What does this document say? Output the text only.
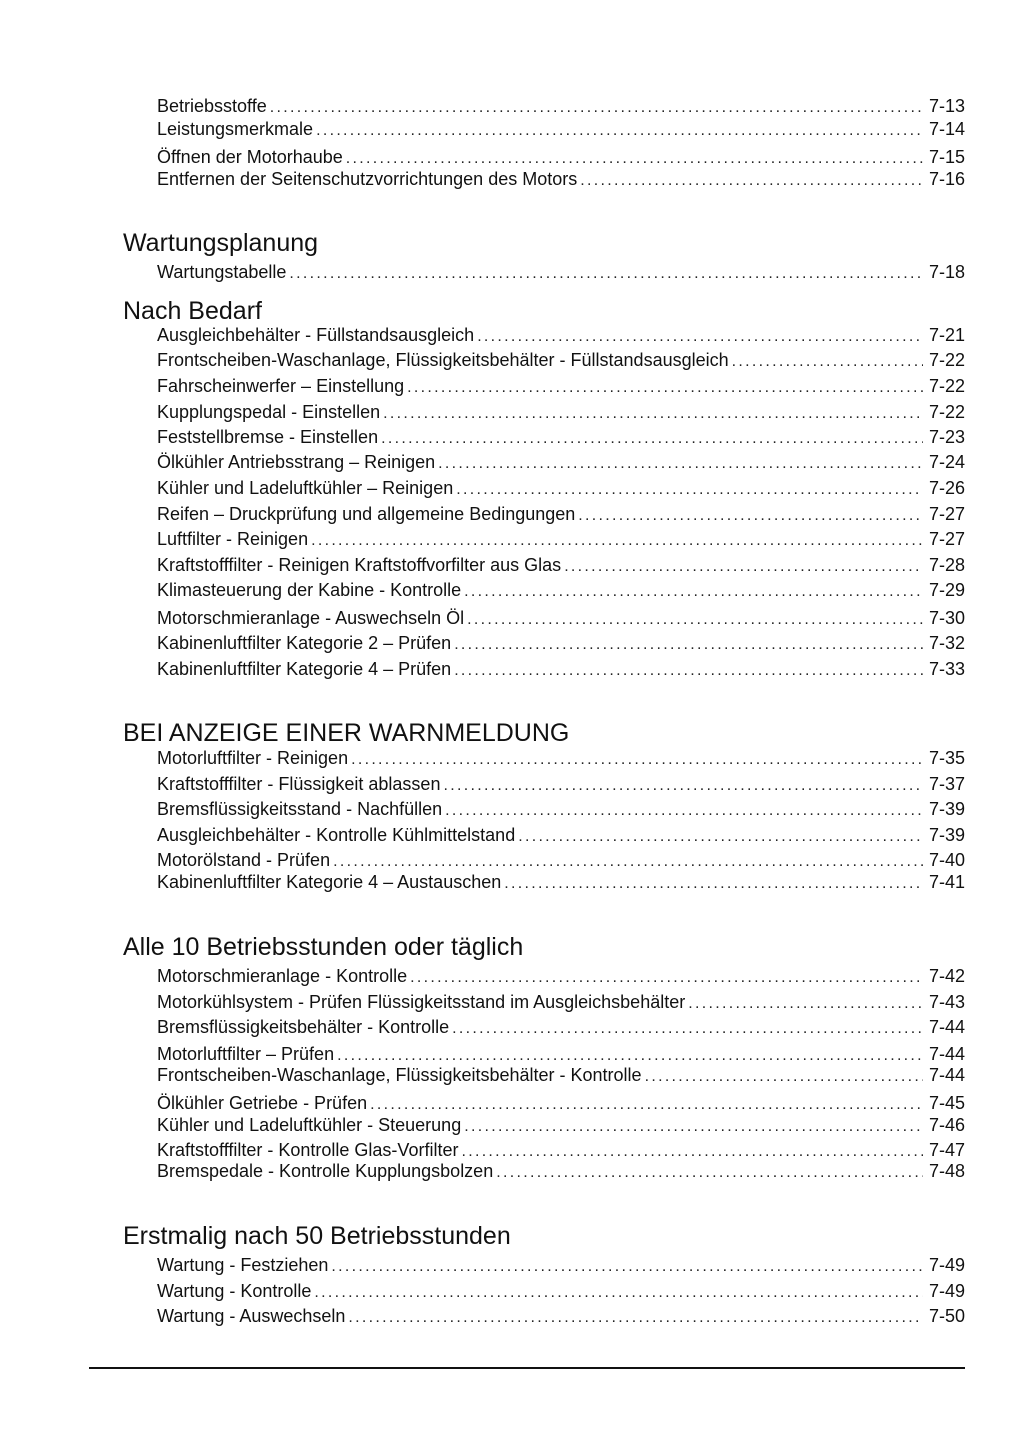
Betriebsstoffe .....	7-13
Leistungsmerkmale .....	7-14
Öffnen der Motorhaube .....	7-15
Entfernen der Seitenschutzvorrichtungen des Motors .....	7-16
Wartungsplanung
Wartungstabelle .....	7-18
Nach Bedarf
Ausgleichbehälter - Füllstandsausgleich .....	7-21
Frontscheiben-Waschanlage, Flüssigkeitsbehälter - Füllstandsausgleich .....	7-22
Fahrscheinwerfer – Einstellung .....	7-22
Kupplungspedal - Einstellen .....	7-22
Feststellbremse - Einstellen .....	7-23
Ölkühler Antriebsstrang – Reinigen .....	7-24
Kühler und Ladeluftkühler – Reinigen .....	7-26
Reifen – Druckprüfung und allgemeine Bedingungen .....	7-27
Luftfilter - Reinigen .....	7-27
Kraftstofffilter - Reinigen Kraftstoffvorfilter aus Glas .....	7-28
Klimasteuerung der Kabine - Kontrolle .....	7-29
Motorschmieranlage - Auswechseln Öl .....	7-30
Kabinenluftfilter Kategorie 2 – Prüfen .....	7-32
Kabinenluftfilter Kategorie 4 – Prüfen .....	7-33
BEI ANZEIGE EINER WARNMELDUNG
Motorluftfilter - Reinigen .....	7-35
Kraftstofffilter - Flüssigkeit ablassen .....	7-37
Bremsflüssigkeitsstand - Nachfüllen .....	7-39
Ausgleichbehälter - Kontrolle Kühlmittelstand .....	7-39
Motorölstand - Prüfen .....	7-40
Kabinenluftfilter Kategorie 4 – Austauschen .....	7-41
Alle 10 Betriebsstunden oder täglich
Motorschmieranlage - Kontrolle .....	7-42
Motorkühlsystem - Prüfen Flüssigkeitsstand im Ausgleichsbehälter .....	7-43
Bremsflüssigkeitsbehälter - Kontrolle .....	7-44
Motorluftfilter – Prüfen .....	7-44
Frontscheiben-Waschanlage, Flüssigkeitsbehälter - Kontrolle .....	7-44
Ölkühler Getriebe - Prüfen .....	7-45
Kühler und Ladeluftkühler - Steuerung .....	7-46
Kraftstofffilter - Kontrolle Glas-Vorfilter .....	7-47
Bremspedale - Kontrolle Kupplungsbolzen .....	7-48
Erstmalig nach 50 Betriebsstunden
Wartung - Festziehen .....	7-49
Wartung - Kontrolle .....	7-49
Wartung - Auswechseln .....	7-50
